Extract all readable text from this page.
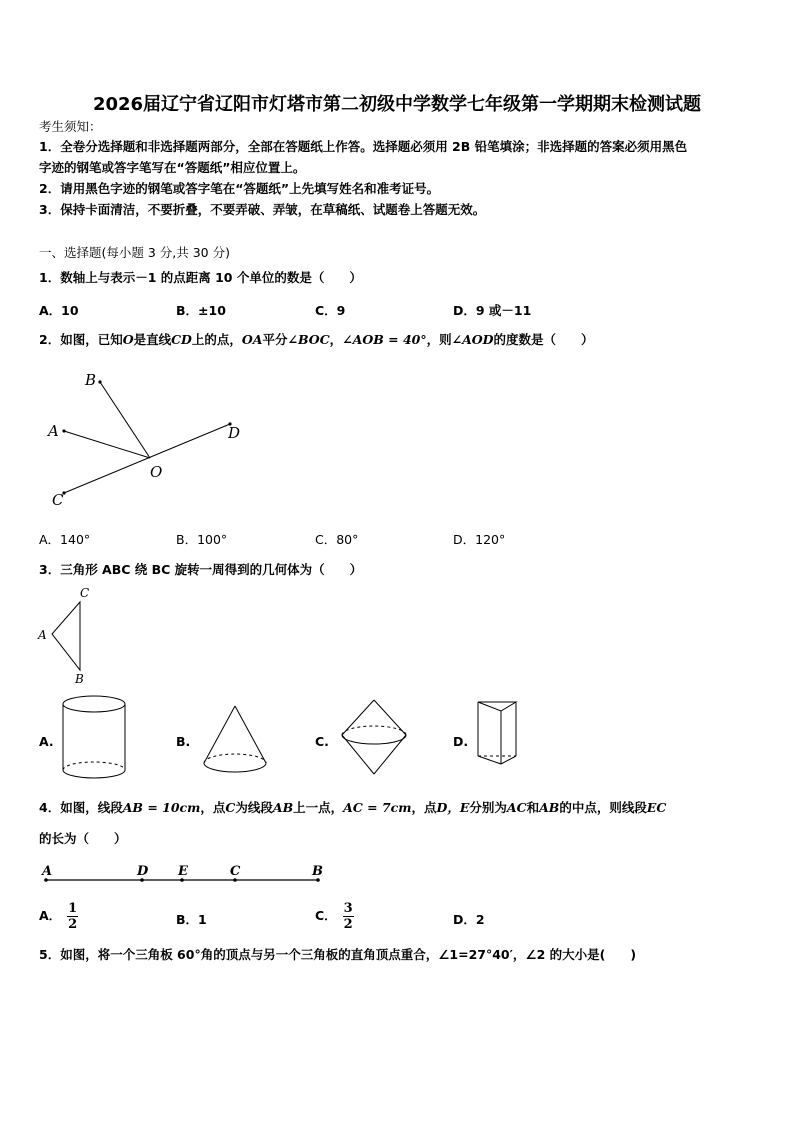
2026届辽宁省辽阳市灯塔市第二初级中学数学七年级第一学期期末检测试题
考生须知：
1．全卷分选择题和非选择题两部分，全部在答题纸上作答。选择题必须用 2B 铅笔填涂；非选择题的答案必须用黑色
字迹的钢笔或答字笔写在“答题纸”相应位置上。
2．请用黑色字迹的钢笔或答字笔在“答题纸”上先填写姓名和准考证号。
3．保持卡面清洁，不要折叠，不要弄破、弄皱，在草稿纸、试题卷上答题无效。
一、选择题(每小题 3 分,共 30 分)
1．数轴上与表示－1 的点距离 10 个单位的数是（　　）
A．10	B．±10	C．9	D．9 或－11
2．如图，已知O是直线CD上的点，OA平分∠BOC，∠AOB = 40°，则∠AOD的度数是（　　）
B
A	D
O
C
A．140°	B．100°	C．80°	D．120°
3．三角形 ABC 绕 BC 旋转一周得到的几何体为（　　）
C
A
B
A.	B.	C.	D.
4．如图，线段AB = 10cm，点C为线段AB上一点，AC = 7cm，点D，E分别为AC和AB的中点，则线段EC
的长为（　　）
A	D E	C	B
A． $\frac{1}{2}$	B．1	C． $\frac{3}{2}$	D．2
5．如图，将一个三角板 60°角的顶点与另一个三角板的直角顶点重合，∠1=27°40′，∠2 的大小是(　　)
